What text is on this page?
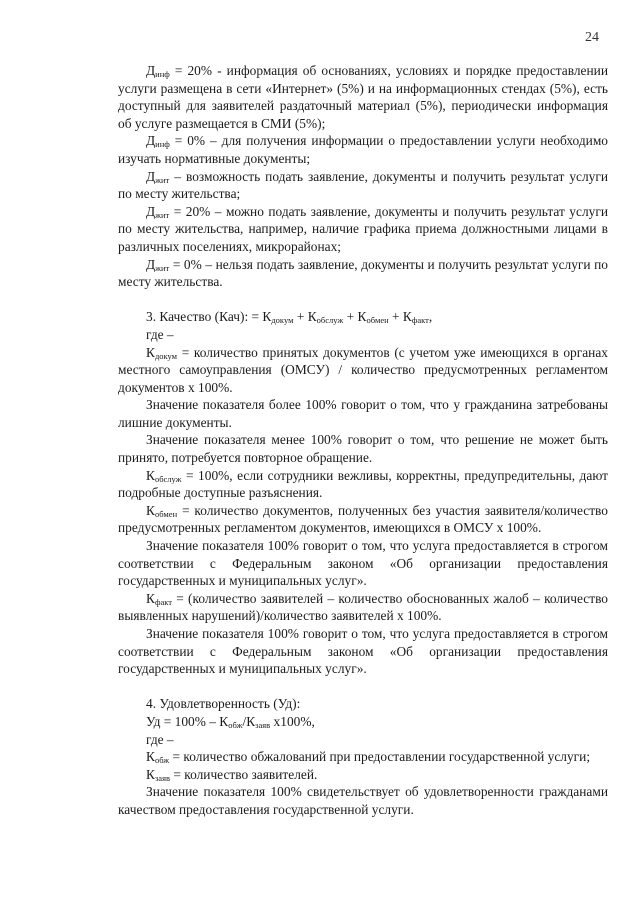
24

$Д_{инф} = 20\%$ - информация об основаниях, условиях и порядке предоставлении услуги размещена в сети «Интернет» (5%) и на информационных стендах (5%), есть доступный для заявителей раздаточный материал (5%), периодически информация об услуге размещается в СМИ (5%);

$Д_{инф} = 0\%$ – для получения информации о предоставлении услуги необходимо изучать нормативные документы;

$Д_{жит}$ – возможность подать заявление, документы и получить результат услуги по месту жительства;

$Д_{жит} = 20\%$ – можно подать заявление, документы и получить результат услуги по месту жительства, например, наличие графика приема должностными лицами в различных поселениях, микрорайонах;

$Д_{жит} = 0\%$ – нельзя подать заявление, документы и получить результат услуги по месту жительства.

3. Качество (Кач): = $К_{докум} + К_{обслуж} + К_{обмен} + К_{факт}$,

где –

$К_{докум}$ = количество принятых документов (с учетом уже имеющихся в органах местного самоуправления (ОМСУ) / количество предусмотренных регламентом документов х 100%.

Значение показателя более 100% говорит о том, что у гражданина затребованы лишние документы.

Значение показателя менее 100% говорит о том, что решение не может быть принято, потребуется повторное обращение.

$К_{обслуж} = 100\%$, если сотрудники вежливы, корректны, предупредительны, дают подробные доступные разъяснения.

$К_{обмен}$ = количество документов, полученных без участия заявителя/количество предусмотренных регламентом документов, имеющихся в ОМСУ х 100%.

Значение показателя 100% говорит о том, что услуга предоставляется в строгом соответствии с Федеральным законом «Об организации предоставления государственных и муниципальных услуг».

$К_{факт}$ = (количество заявителей – количество обоснованных жалоб – количество выявленных нарушений)/количество заявителей х 100%.

Значение показателя 100% говорит о том, что услуга предоставляется в строгом соответствии с Федеральным законом «Об организации предоставления государственных и муниципальных услуг».

4. Удовлетворенность (Уд):

Уд = $100\% - К_{обж}/К_{заяв}$ х100%,

где –

$К_{обж}$ = количество обжалований при предоставлении государственной услуги;

$К_{заяв}$ = количество заявителей.

Значение показателя 100% свидетельствует об удовлетворенности гражданами качеством предоставления государственной услуги.
